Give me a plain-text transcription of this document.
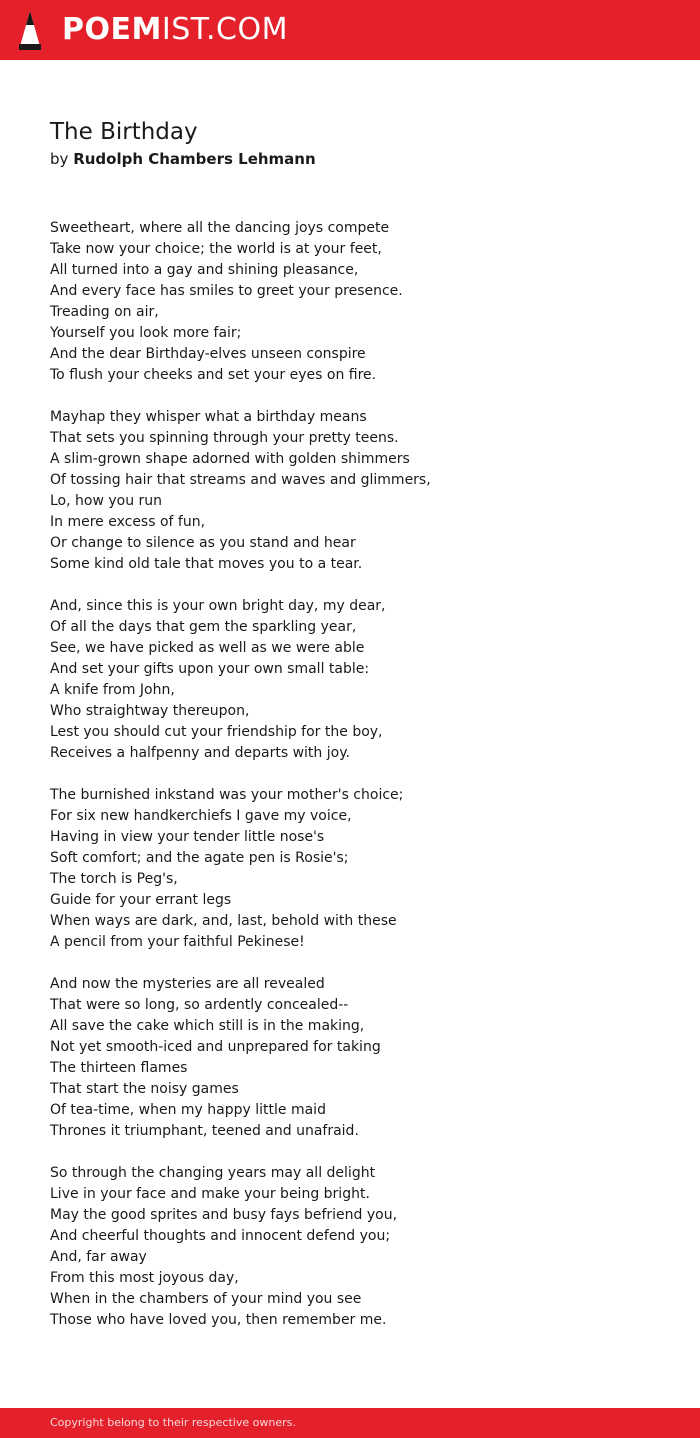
POEMIST.COM
The Birthday
by Rudolph Chambers Lehmann
Sweetheart, where all the dancing joys compete
Take now your choice; the world is at your feet,
All turned into a gay and shining pleasance,
And every face has smiles to greet your presence.
Treading on air,
Yourself you look more fair;
And the dear Birthday-elves unseen conspire
To flush your cheeks and set your eyes on fire.
Mayhap they whisper what a birthday means
That sets you spinning through your pretty teens.
A slim-grown shape adorned with golden shimmers
Of tossing hair that streams and waves and glimmers,
Lo, how you run
In mere excess of fun,
Or change to silence as you stand and hear
Some kind old tale that moves you to a tear.
And, since this is your own bright day, my dear,
Of all the days that gem the sparkling year,
See, we have picked as well as we were able
And set your gifts upon your own small table:
A knife from John,
Who straightway thereupon,
Lest you should cut your friendship for the boy,
Receives a halfpenny and departs with joy.
The burnished inkstand was your mother's choice;
For six new handkerchiefs I gave my voice,
Having in view your tender little nose's
Soft comfort; and the agate pen is Rosie's;
The torch is Peg's,
Guide for your errant legs
When ways are dark, and, last, behold with these
A pencil from your faithful Pekinese!
And now the mysteries are all revealed
That were so long, so ardently concealed--
All save the cake which still is in the making,
Not yet smooth-iced and unprepared for taking
The thirteen flames
That start the noisy games
Of tea-time, when my happy little maid
Thrones it triumphant, teened and unafraid.
So through the changing years may all delight
Live in your face and make your being bright.
May the good sprites and busy fays befriend you,
And cheerful thoughts and innocent defend you;
And, far away
From this most joyous day,
When in the chambers of your mind you see
Those who have loved you, then remember me.
Copyright belong to their respective owners.
